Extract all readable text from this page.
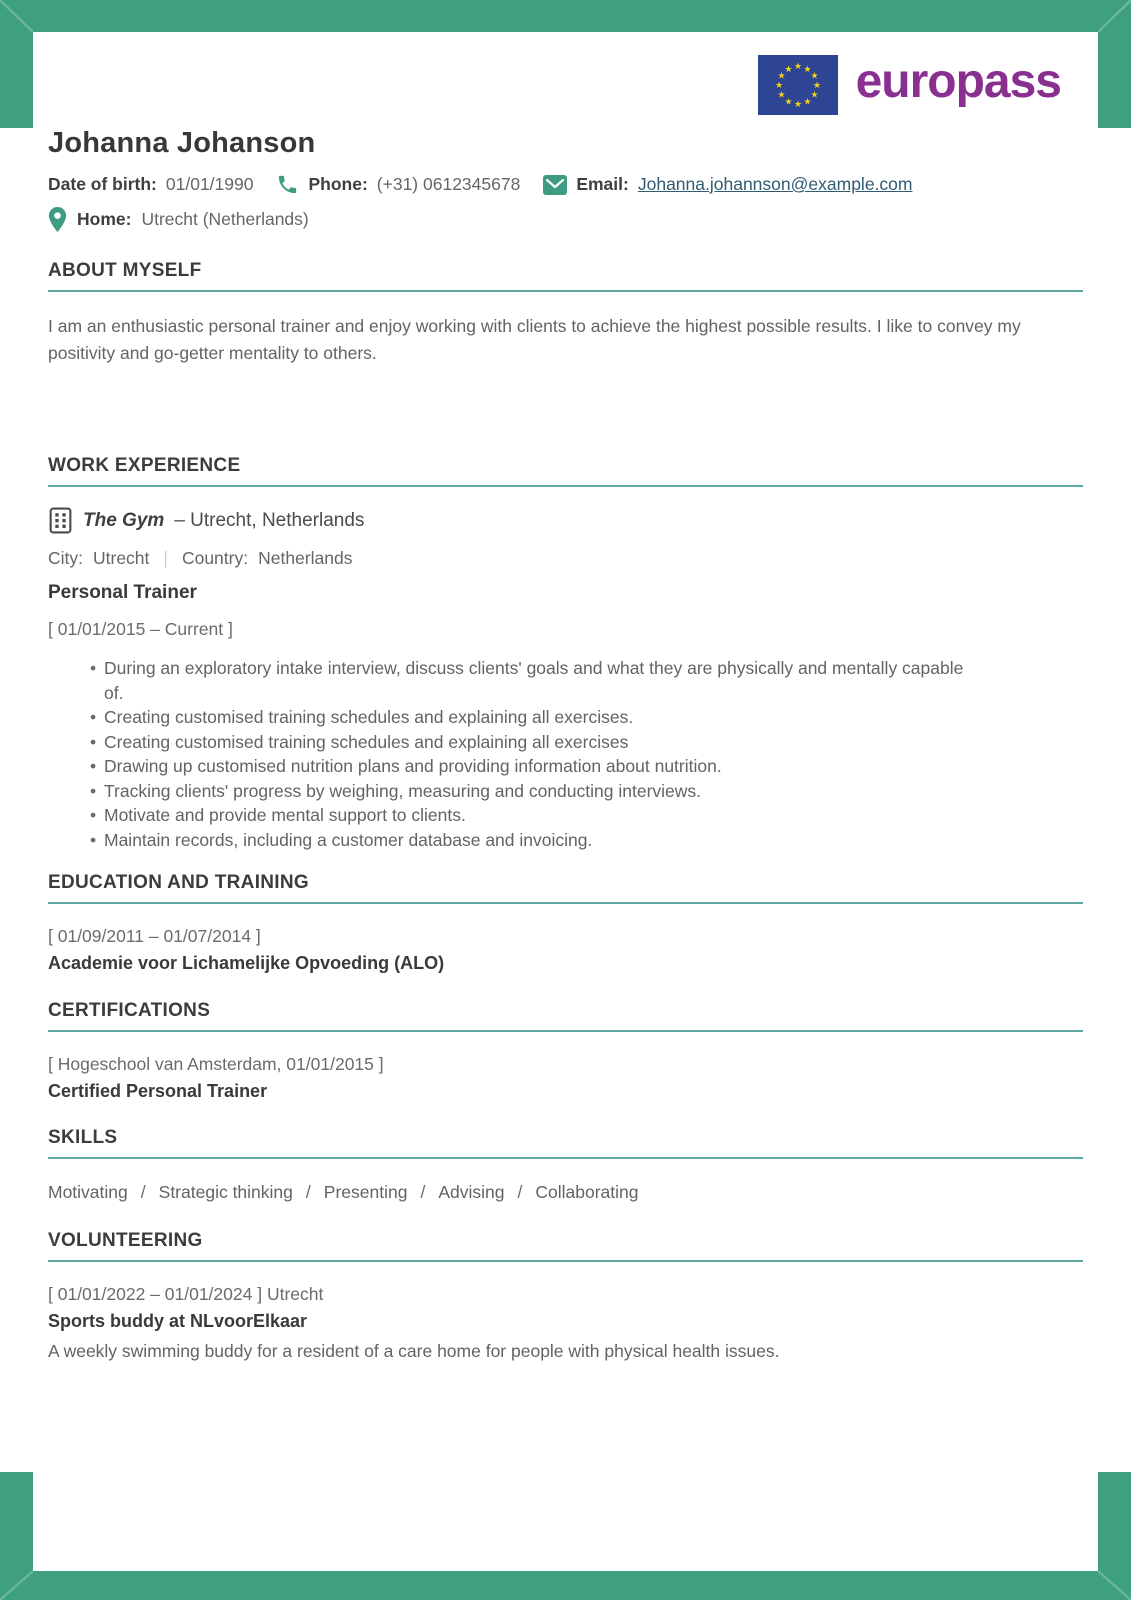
★ ★
★
★
★
★
★
★
★
★
★
★ europass
Johanna Johanson
Date of birth: 01/01/1990	Phone: (+31) 0612345678	Email: Johanna.johannson@example.com
Home: Utrecht (Netherlands)
ABOUT MYSELF

I am an enthusiastic personal trainer and enjoy working with clients to achieve the highest possible results. I like to convey my positivity and go-getter mentality to others.

WORK EXPERIENCE
The Gym – Utrecht, Netherlands
City: Utrecht | Country: Netherlands
Personal Trainer
[ 01/01/2015 – Current ]
• During an exploratory intake interview, discuss clients' goals and what they are physically and mentally capable of.
• Creating customised training schedules and explaining all exercises.
• Creating customised training schedules and explaining all exercises
• Drawing up customised nutrition plans and providing information about nutrition.
• Tracking clients' progress by weighing, measuring and conducting interviews.
• Motivate and provide mental support to clients.
• Maintain records, including a customer database and invoicing.
EDUCATION AND TRAINING
[ 01/09/2011 – 01/07/2014 ]
Academie voor Lichamelijke Opvoeding (ALO)
CERTIFICATIONS
[ Hogeschool van Amsterdam, 01/01/2015 ]
Certified Personal Trainer
SKILLS
Motivating / Strategic thinking / Presenting / Advising / Collaborating
VOLUNTEERING
[ 01/01/2022 – 01/01/2024 ] Utrecht
Sports buddy at NLvoorElkaar
A weekly swimming buddy for a resident of a care home for people with physical health issues.
